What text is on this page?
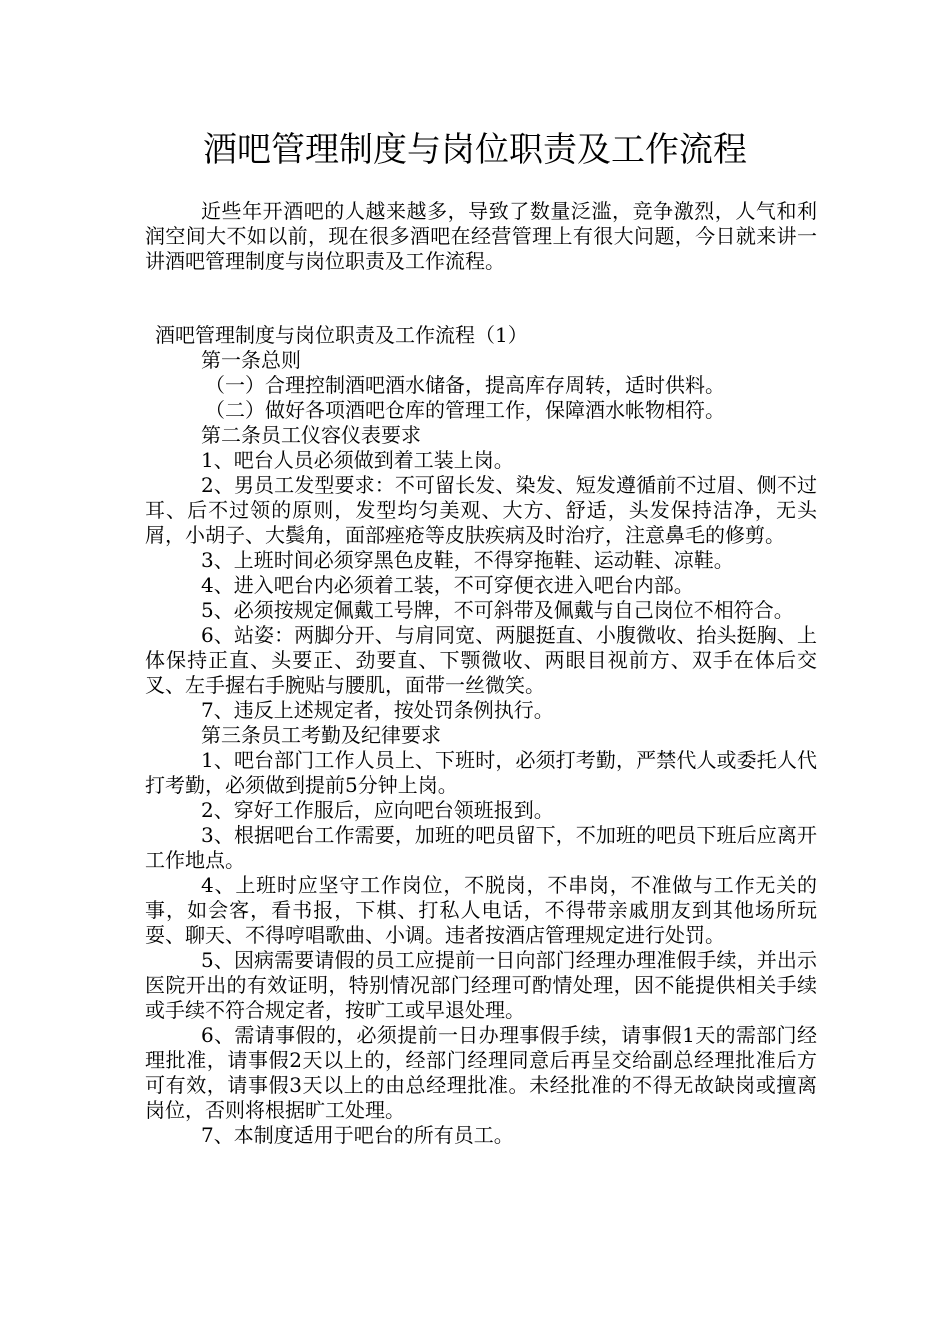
酒吧管理制度与岗位职责及工作流程

近些年开酒吧的人越来越多，导致了数量泛滥，竞争激烈，人气和利润空间大不如以前，现在很多酒吧在经营管理上有很大问题，今日就来讲一讲酒吧管理制度与岗位职责及工作流程。

酒吧管理制度与岗位职责及工作流程（1）

第一条总则

（一）合理控制酒吧酒水储备，提高库存周转，适时供料。

（二）做好各项酒吧仓库的管理工作，保障酒水帐物相符。

第二条员工仪容仪表要求

1、吧台人员必须做到着工装上岗。

2、男员工发型要求：不可留长发、染发、短发遵循前不过眉、侧不过耳、后不过领的原则，发型均匀美观、大方、舒适，头发保持洁净，无头屑，小胡子、大鬓角，面部痤疮等皮肤疾病及时治疗，注意鼻毛的修剪。

3、上班时间必须穿黑色皮鞋，不得穿拖鞋、运动鞋、凉鞋。

4、进入吧台内必须着工装，不可穿便衣进入吧台内部。

5、必须按规定佩戴工号牌，不可斜带及佩戴与自己岗位不相符合。

6、站姿：两脚分开、与肩同宽、两腿挺直、小腹微收、抬头挺胸、上体保持正直、头要正、劲要直、下颚微收、两眼目视前方、双手在体后交叉、左手握右手腕贴与腰肌，面带一丝微笑。

7、违反上述规定者，按处罚条例执行。

第三条员工考勤及纪律要求

1、吧台部门工作人员上、下班时，必须打考勤，严禁代人或委托人代打考勤，必须做到提前5分钟上岗。

2、穿好工作服后，应向吧台领班报到。

3、根据吧台工作需要，加班的吧员留下，不加班的吧员下班后应离开工作地点。

4、上班时应坚守工作岗位，不脱岗，不串岗，不准做与工作无关的事，如会客，看书报，下棋、打私人电话，不得带亲戚朋友到其他场所玩耍、聊天、不得哼唱歌曲、小调。违者按酒店管理规定进行处罚。

5、因病需要请假的员工应提前一日向部门经理办理准假手续，并出示医院开出的有效证明，特别情况部门经理可酌情处理，因不能提供相关手续或手续不符合规定者，按旷工或早退处理。

6、需请事假的，必须提前一日办理事假手续，请事假1天的需部门经理批准，请事假2天以上的，经部门经理同意后再呈交给副总经理批准后方可有效，请事假3天以上的由总经理批准。未经批准的不得无故缺岗或擅离岗位，否则将根据旷工处理。

7、本制度适用于吧台的所有员工。
